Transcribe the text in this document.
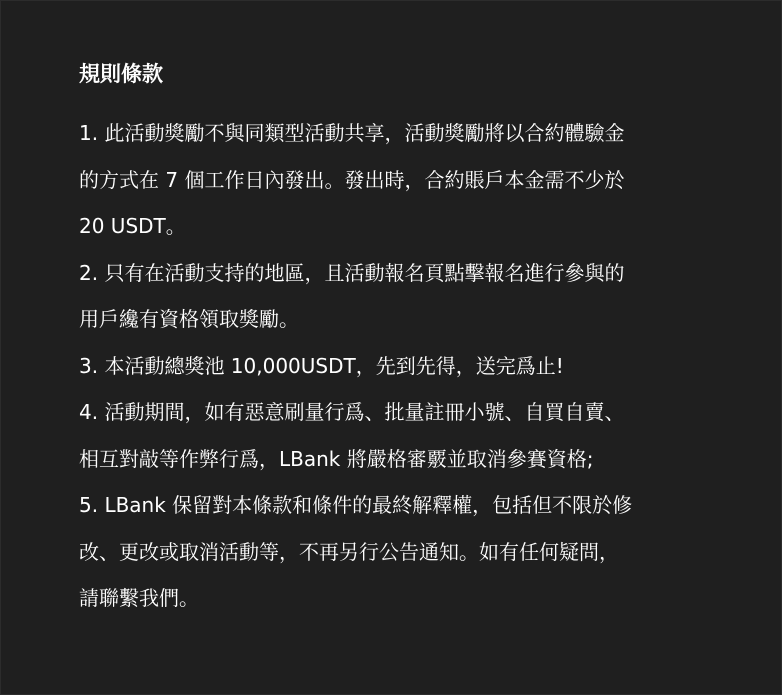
規則條款
1. 此活動獎勵不與同類型活動共享，活動獎勵將以合約體驗金
的方式在 7 個工作日內發出。發出時，合約賬戶本金需不少於
20 USDT。
2. 只有在活動支持的地區，且活動報名頁點擊報名進行參與的
用戶纔有資格領取獎勵。
3. 本活動總獎池 10,000USDT，先到先得，送完爲止!
4. 活動期間，如有惡意刷量行爲、批量註冊小號、自買自賣、
相互對敲等作弊行爲，LBank 將嚴格審覈並取消參賽資格;
5. LBank 保留對本條款和條件的最終解釋權，包括但不限於修
改、更改或取消活動等，不再另行公告通知。如有任何疑問，
請聯繫我們。
